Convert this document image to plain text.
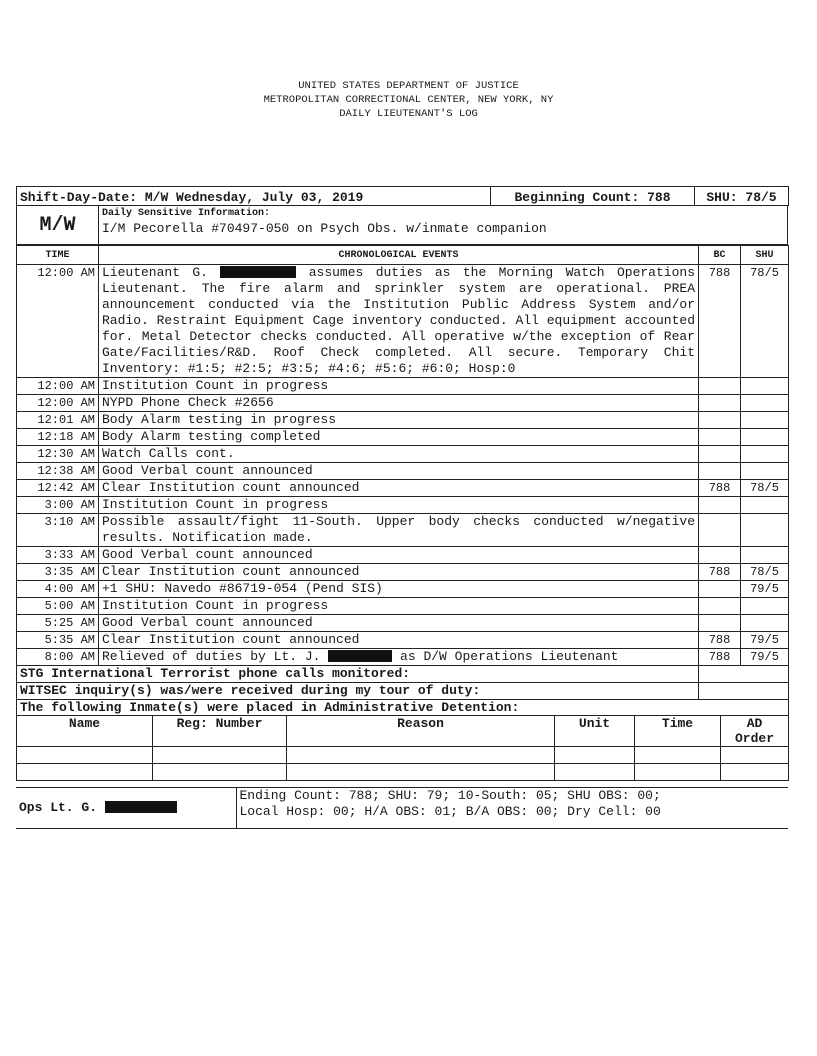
UNITED STATES DEPARTMENT OF JUSTICE
METROPOLITAN CORRECTIONAL CENTER, NEW YORK, NY
DAILY LIEUTENANT'S LOG
Shift-Day-Date: M/W Wednesday, July 03, 2019	Beginning Count: 788	SHU: 78/5
M/W	Daily Sensitive Information:
I/M Pecorella #70497-050 on Psych Obs. w/inmate companion
TIME	CHRONOLOGICAL EVENTS	BC	SHU
12:00 AM	Lieutenant G. assumes duties as the Morning Watch Operations Lieutenant. The fire alarm and sprinkler system are operational. PREA announcement conducted via the Institution Public Address System and/or Radio. Restraint Equipment Cage inventory conducted. All equipment accounted for. Metal Detector checks conducted. All operative w/the exception of Rear Gate/Facilities/R&D. Roof Check completed. All secure. Temporary Chit Inventory: #1:5; #2:5; #3:5; #4:6; #5:6; #6:0; Hosp:0	788	78/5
12:00 AM	Institution Count in progress		
12:00 AM	NYPD Phone Check #2656		
12:01 AM	Body Alarm testing in progress		
12:18 AM	Body Alarm testing completed		
12:30 AM	Watch Calls cont.		
12:38 AM	Good Verbal count announced		
12:42 AM	Clear Institution count announced	788	78/5
3:00 AM	Institution Count in progress		
3:10 AM	Possible assault/fight 11-South. Upper body checks conducted w/negative results. Notification made.		
3:33 AM	Good Verbal count announced		
3:35 AM	Clear Institution count announced	788	78/5
4:00 AM	+1 SHU: Navedo #86719-054 (Pend SIS)		79/5
5:00 AM	Institution Count in progress		
5:25 AM	Good Verbal count announced		
5:35 AM	Clear Institution count announced	788	79/5
8:00 AM	Relieved of duties by Lt. J. as D/W Operations Lieutenant	788	79/5
STG International Terrorist phone calls monitored:			
WITSEC inquiry(s) was/were received during my tour of duty:			
The following Inmate(s) were placed in Administrative Detention:					
Name	Reg: Number	Reason	Unit	Time	AD Order

Ops Lt. G.	
Ending Count: 788; SHU: 79; 10-South: 05; SHU OBS: 00;
Local Hosp: 00; H/A OBS: 01; B/A OBS: 00; Dry Cell: 00
